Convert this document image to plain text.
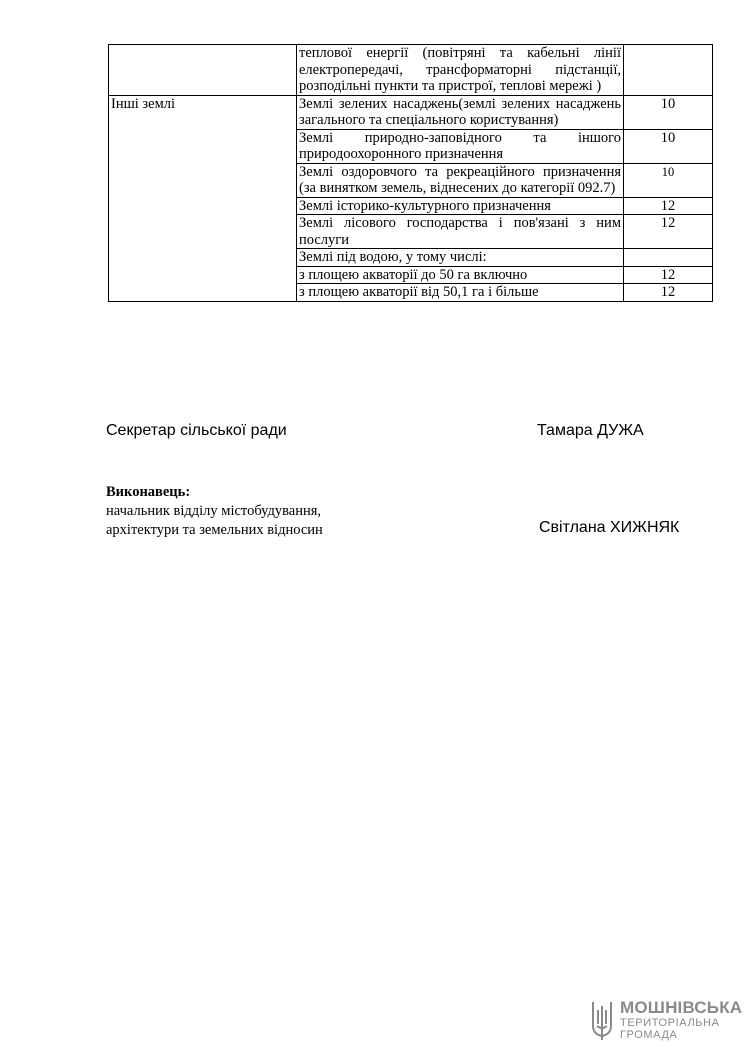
	теплової енергії (повітряні та кабельні лінії електропередачі, трансформаторні підстанції, розподільні пункти та пристрої, теплові мережі )	
Інші землі	Землі зелених насаджень(землі зелених насаджень загального та спеціального користування)	10
	Землі природно-заповідного та іншого природоохоронного призначення	10
	Землі оздоровчого та рекреаційного призначення (за винятком земель, віднесених до категорії 092.7)	10
	Землі історико-культурного призначення	12
	Землі лісового господарства і пов'язані з ним послуги	12
	Землі під водою, у тому числі:	
	з площею акваторії до 50 га включно	12
	з площею акваторії від 50,1 га і більше	12
Секретар сільської ради	Тамара ДУЖА
Виконавець:
начальник відділу містобудування,
архітектури та земельних відносин	Світлана ХИЖНЯК
МОШНІВСЬКА
ТЕРИТОРІАЛЬНА
ГРОМАДА
